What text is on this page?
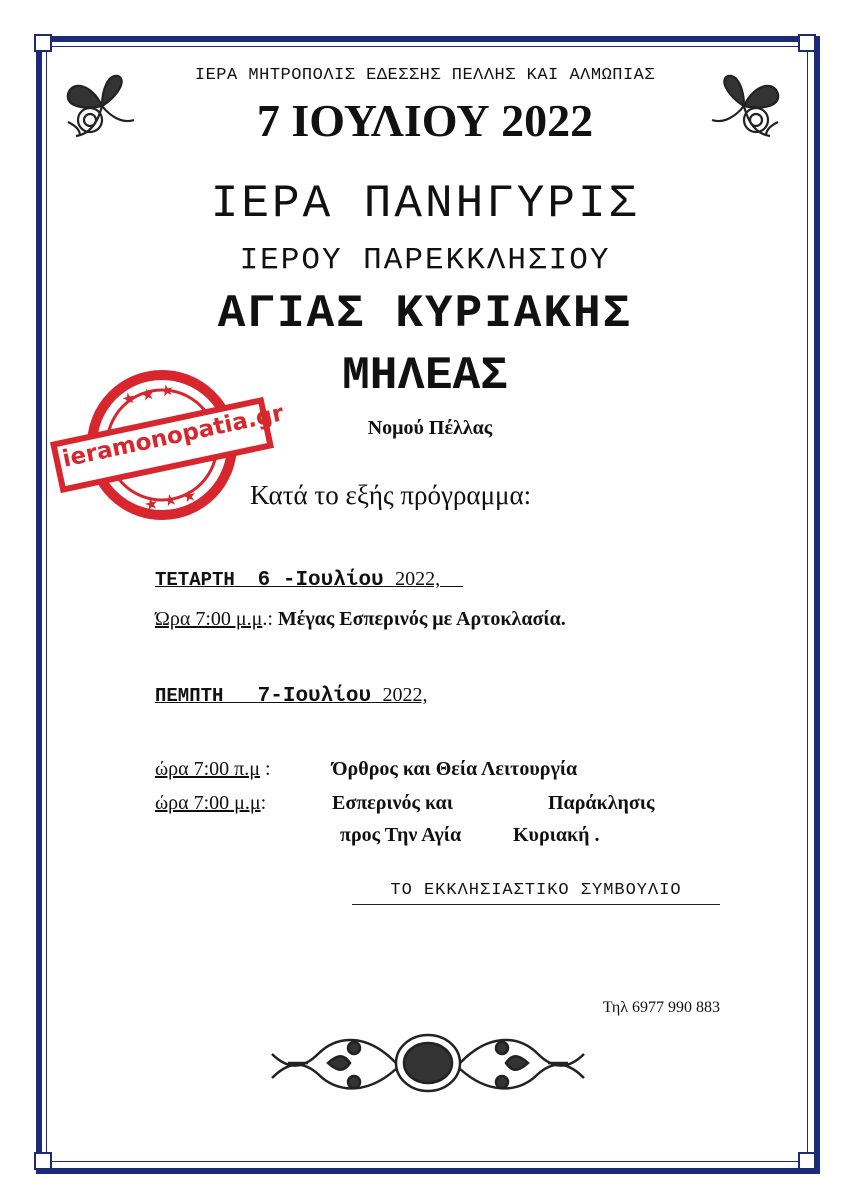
ΙΕΡΑ ΜΗΤΡΟΠΟΛΙΣ ΕΔΕΣΣΗΣ ΠΕΛΛΗΣ ΚΑΙ ΑΛΜΩΠΙΑΣ
7 ΙΟΥΛΙΟΥ 2022
ΙΕΡΑ ΠΑΝΗΓΥΡΙΣ
ΙΕΡΟΥ ΠΑΡΕΚΚΛΗΣΙΟΥ
ΑΓΙΑΣ ΚΥΡΙΑΚΗΣ
ΜΗΛΕΑΣ
Νομού Πέλλας
Κατά το εξής πρόγραμμα:
★ ★ ★
★ ★ ★
ieramonopatia.gr
ΤΕΤΑΡΤΗ 6 -Ιουλίου 2022,
Ώρα 7:00 μ.μ.: Μέγας Εσπερινός με Αρτοκλασία.
ΠΕΜΠΤΗ 7-Ιουλίου 2022,
ώρα 7:00 π.μ :	Όρθρος και Θεία Λειτουργία
ώρα 7:00 μ.μ:	Εσπερινός και	Παράκλησις
προς Την Αγία	Κυριακή .
ΤΟ ΕΚΚΛΗΣΙΑΣΤΙΚΟ ΣΥΜΒΟΥΛΙΟ
Τηλ 6977 990 883
